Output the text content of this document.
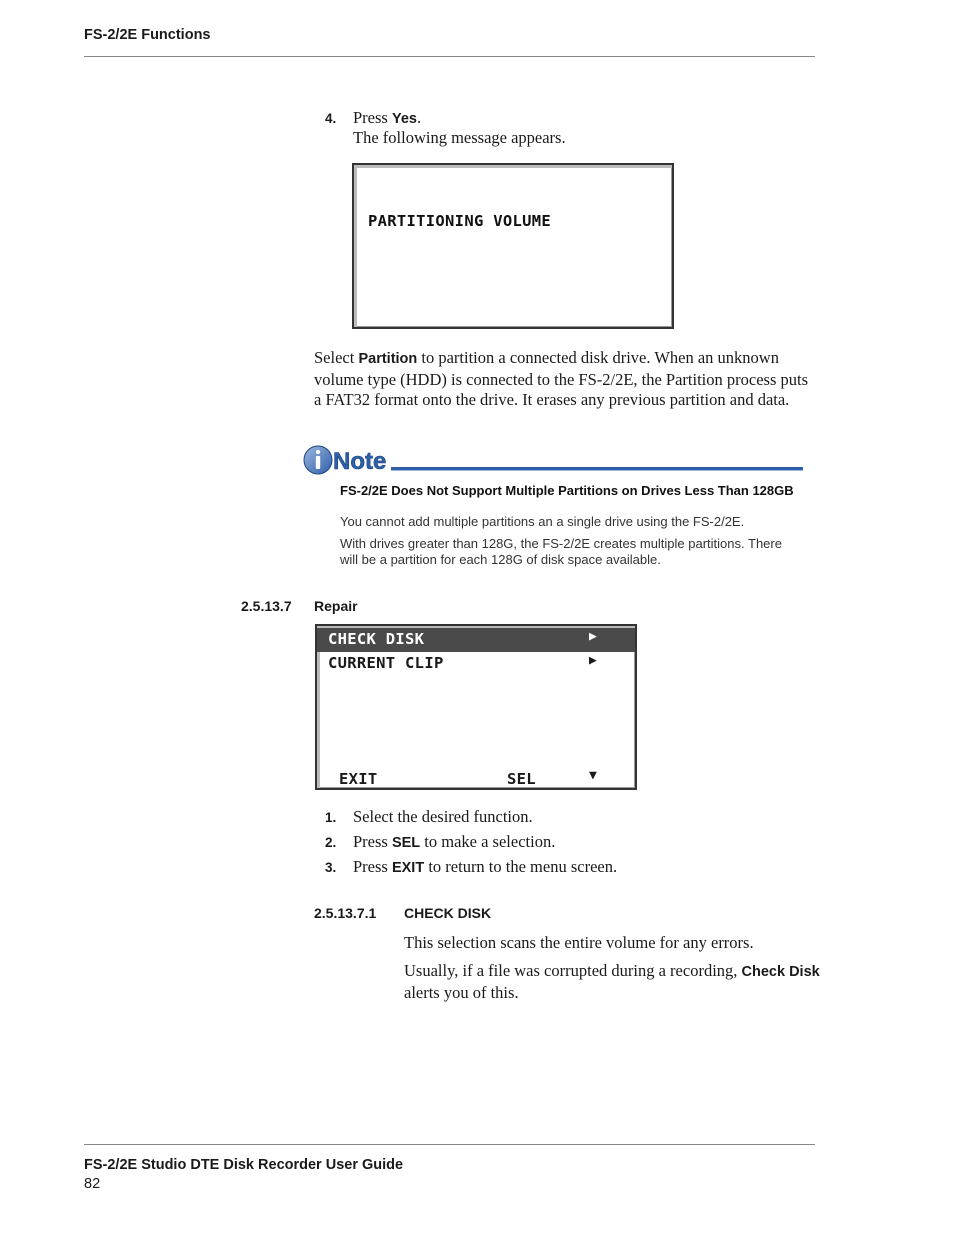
FS-2/2E Functions
4. Press Yes.
The following message appears.
PARTITIONING VOLUME
Select Partition to partition a connected disk drive. When an unknown volume type (HDD) is connected to the FS-2/2E, the Partition process puts a FAT32 format onto the drive. It erases any previous partition and data.
Note
FS-2/2E Does Not Support Multiple Partitions on Drives Less Than 128GB
You cannot add multiple partitions an a single drive using the FS-2/2E.
With drives greater than 128G, the FS-2/2E creates multiple partitions. There will be a partition for each 128G of disk space available.
2.5.13.7 Repair
CHECK DISK	▶
CURRENT CLIP	▶
EXIT	SEL	▼
1. Select the desired function.
2. Press SEL to make a selection.
3. Press EXIT to return to the menu screen.
2.5.13.7.1 CHECK DISK
This selection scans the entire volume for any errors.
Usually, if a file was corrupted during a recording, Check Disk alerts you of this.
FS-2/2E Studio DTE Disk Recorder User Guide
82
